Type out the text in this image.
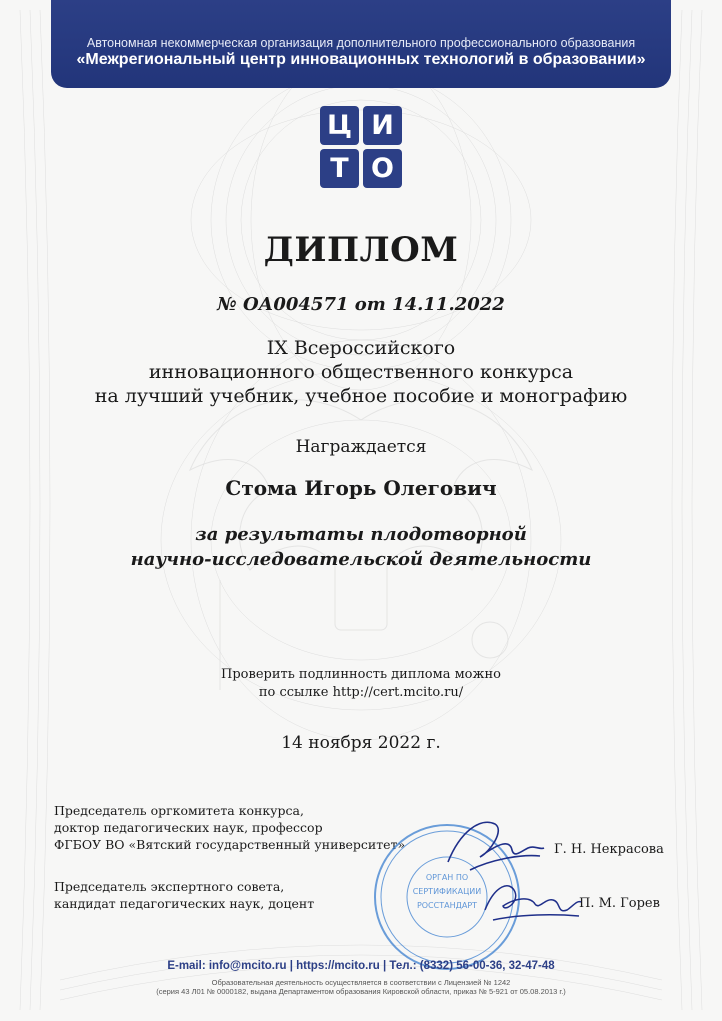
Автономная некоммерческая организация дополнительного профессионального образования
«Межрегиональный центр инновационных технологий в образовании»
Ц И
Т О
ДИПЛОМ
№ ОА004571 от 14.11.2022
IX Всероссийского
инновационного общественного конкурса
на лучший учебник, учебное пособие и монографию
Награждается
Стома Игорь Олегович
за результаты плодотворной
научно-исследовательской деятельности
Проверить подлинность диплома можно
по ссылке http://cert.mcito.ru/
14 ноября 2022 г.
Председатель оргкомитета конкурса,
доктор педагогических наук, профессор
ФГБОУ ВО «Вятский государственный университет»	Г. Н. Некрасова
Председатель экспертного совета,
кандидат педагогических наук, доцент	П. М. Горев
ОРГАН ПО
СЕРТИФИКАЦИИ
РОССТАНДАРТ
E-mail: info@mcito.ru | https://mcito.ru | Тел.: (8332) 56-00-36, 32-47-48
Образовательная деятельность осуществляется в соответствии с Лицензией № 1242
(серия 43 Л01 № 0000182, выдана Департаментом образования Кировской области, приказ № 5-921 от 05.08.2013 г.)
